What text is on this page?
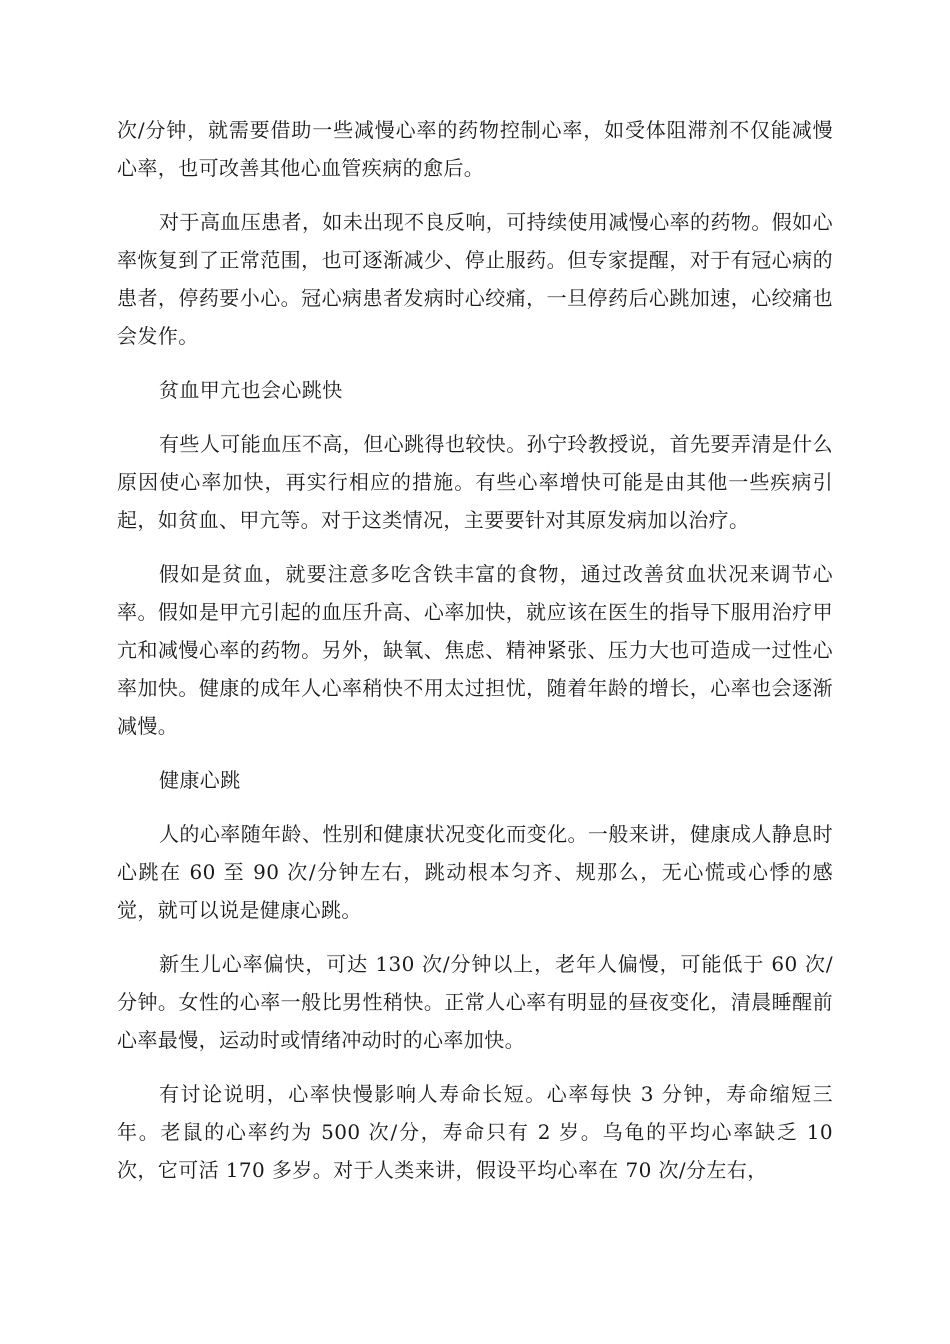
次/分钟，就需要借助一些减慢心率的药物控制心率，如受体阻滞剂不仅能减慢心率，也可改善其他心血管疾病的愈后。

对于高血压患者，如未出现不良反响，可持续使用减慢心率的药物。假如心率恢复到了正常范围，也可逐渐减少、停止服药。但专家提醒，对于有冠心病的患者，停药要小心。冠心病患者发病时心绞痛，一旦停药后心跳加速，心绞痛也会发作。

贫血甲亢也会心跳快

有些人可能血压不高，但心跳得也较快。孙宁玲教授说，首先要弄清是什么原因使心率加快，再实行相应的措施。有些心率增快可能是由其他一些疾病引起，如贫血、甲亢等。对于这类情况，主要要针对其原发病加以治疗。

假如是贫血，就要注意多吃含铁丰富的食物，通过改善贫血状况来调节心率。假如是甲亢引起的血压升高、心率加快，就应该在医生的指导下服用治疗甲亢和减慢心率的药物。另外，缺氧、焦虑、精神紧张、压力大也可造成一过性心率加快。健康的成年人心率稍快不用太过担忧，随着年龄的增长，心率也会逐渐减慢。

健康心跳

人的心率随年龄、性别和健康状况变化而变化。一般来讲，健康成人静息时心跳在 60 至 90 次/分钟左右，跳动根本匀齐、规那么，无心慌或心悸的感觉，就可以说是健康心跳。

新生儿心率偏快，可达 130 次/分钟以上，老年人偏慢，可能低于 60 次/分钟。女性的心率一般比男性稍快。正常人心率有明显的昼夜变化，清晨睡醒前心率最慢，运动时或情绪冲动时的心率加快。

有讨论说明，心率快慢影响人寿命长短。心率每快 3 分钟，寿命缩短三年。老鼠的心率约为 500 次/分，寿命只有 2 岁。乌龟的平均心率缺乏 10 次，它可活 170 多岁。对于人类来讲，假设平均心率在 70 次/分左右，
